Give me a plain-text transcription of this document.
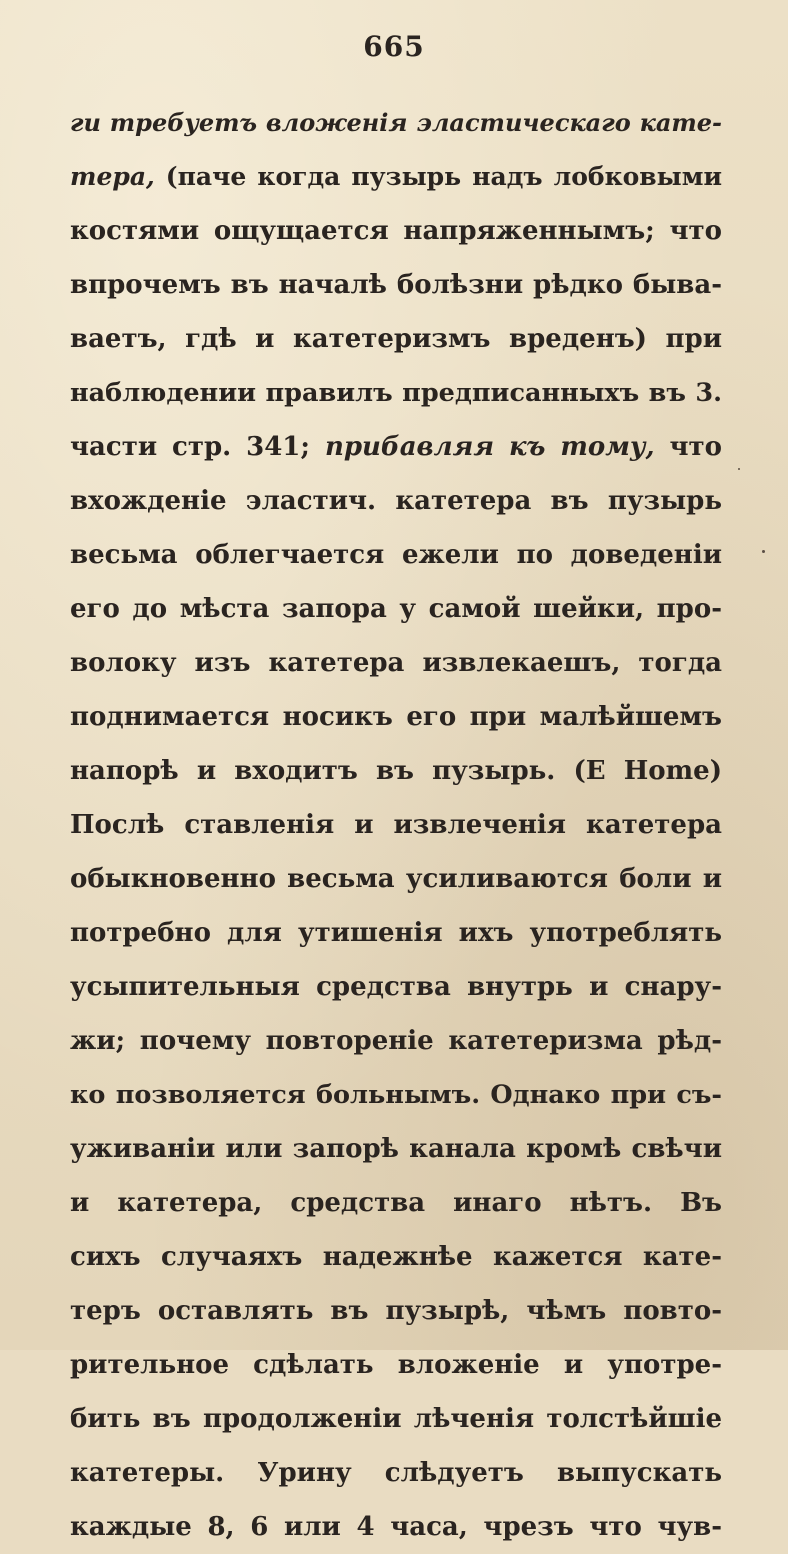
665
ги требуетъ вложенія эластическаго кате-
тера, (паче когда пузырь надъ лобковыми
костями ощущается напряженнымъ; что
впрочемъ въ началѣ болѣзни рѣдко быва-
ваетъ, гдѣ и катетеризмъ вреденъ) при
наблюдении правилъ предписанныхъ въ 3.
части стр. 341; прибавляя къ тому, что
вхожденіе эластич. катетера въ пузырь
весьма облегчается ежели по доведеніи
его до мѣста запора у самой шейки, про-
волоку изъ катетера извлекаешъ, тогда
поднимается носикъ его при малѣйшемъ
напорѣ и входитъ въ пузырь. (E Home)
Послѣ ставленія и извлеченія катетера
обыкновенно весьма усиливаются боли и
потребно для утишенія ихъ употреблять
усыпительныя средства внутрь и снару-
жи; почему повтореніе катетеризма рѣд-
ко позволяется больнымъ. Однако при съ-
уживаніи или запорѣ канала кромѣ свѣчи
и катетера, средства инаго нѣтъ. Въ
сихъ случаяхъ надежнѣе кажется кате-
теръ оставлять въ пузырѣ, чѣмъ повто-
рительное сдѣлать вложеніе и употре-
бить въ продолженіи лѣченія толстѣйшіе
катетеры. Урину слѣдуетъ выпускать
каждые 8, 6 или 4 часа, чрезъ что чув-
